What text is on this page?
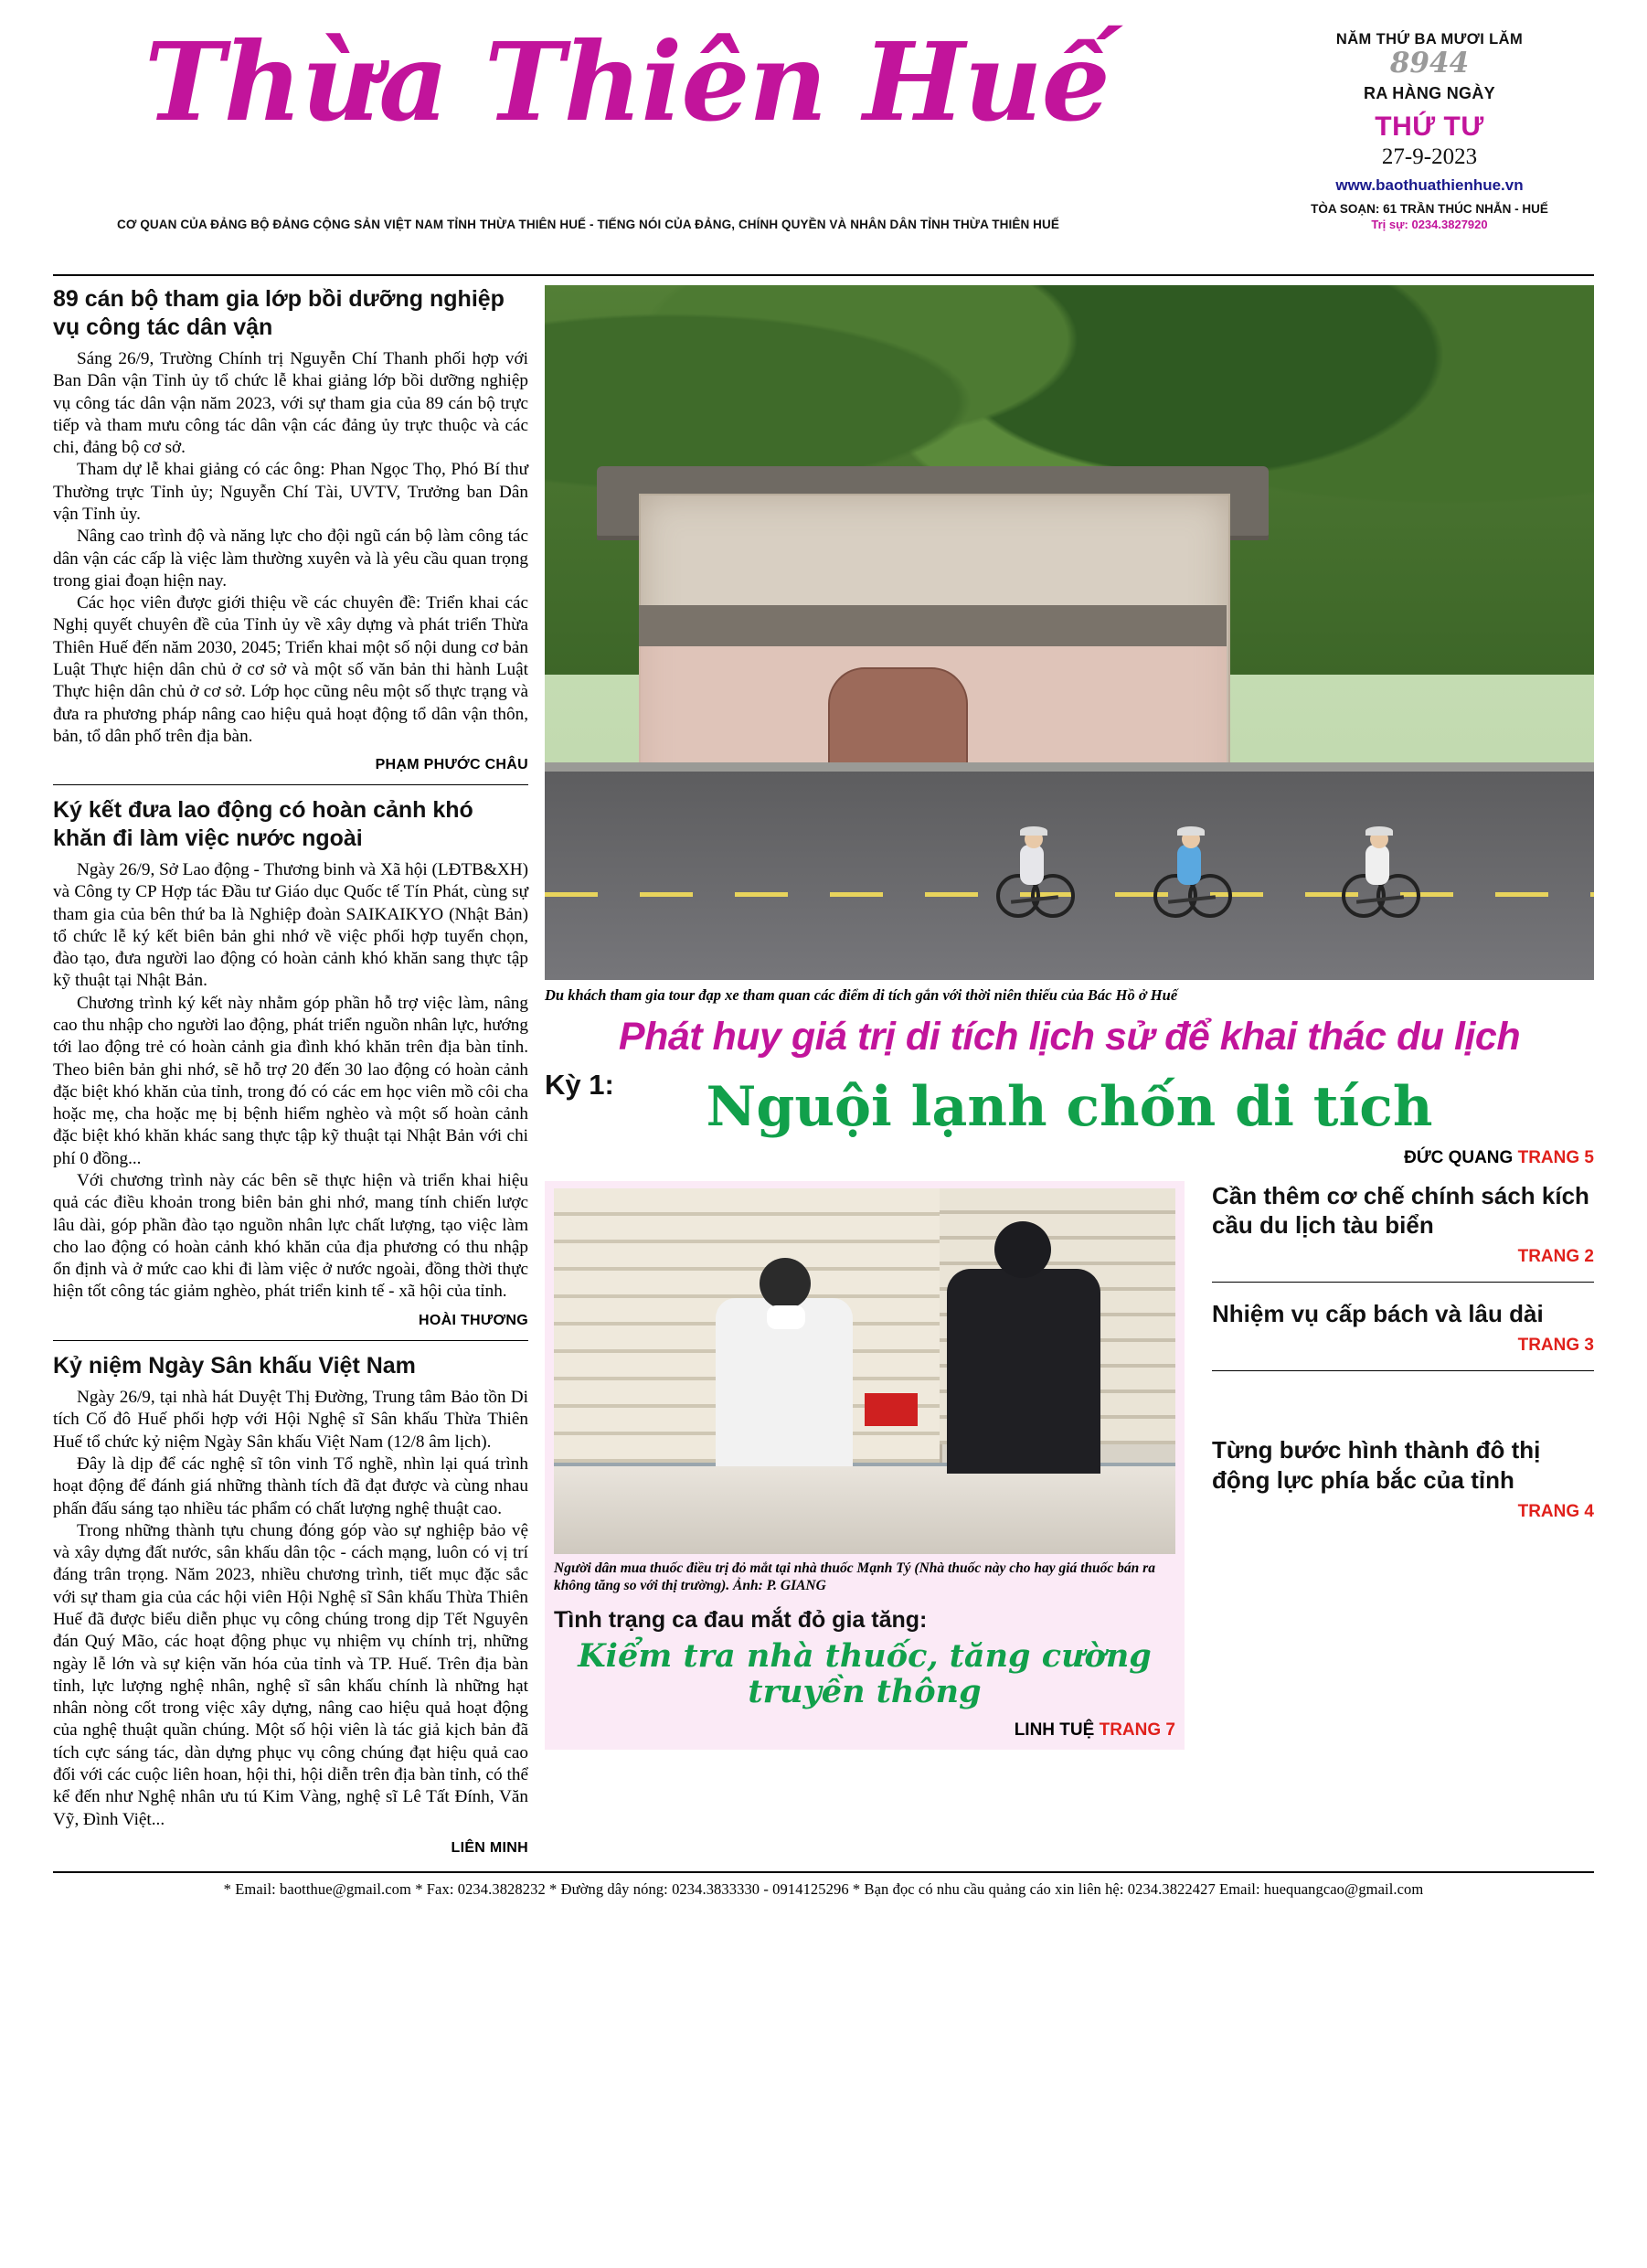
Thừa Thiên Huế
CƠ QUAN CỦA ĐẢNG BỘ ĐẢNG CỘNG SẢN VIỆT NAM TỈNH THỪA THIÊN HUẾ - TIẾNG NÓI CỦA ĐẢNG, CHÍNH QUYỀN VÀ NHÂN DÂN TỈNH THỪA THIÊN HUẾ
NĂM THỨ BA MƯƠI LĂM
8944
RA HÀNG NGÀY
THỨ TƯ
27-9-2023
www.baothuathienhue.vn
TÒA SOẠN: 61 TRẦN THÚC NHẪN - HUẾ
Trị sự: 0234.3827920
89 cán bộ tham gia lớp bồi dưỡng nghiệp vụ công tác dân vận

Sáng 26/9, Trường Chính trị Nguyễn Chí Thanh phối hợp với Ban Dân vận Tỉnh ủy tổ chức lễ khai giảng lớp bồi dưỡng nghiệp vụ công tác dân vận năm 2023, với sự tham gia của 89 cán bộ trực tiếp và tham mưu công tác dân vận các đảng ủy trực thuộc và các chi, đảng bộ cơ sở.

Tham dự lễ khai giảng có các ông: Phan Ngọc Thọ, Phó Bí thư Thường trực Tỉnh ủy; Nguyễn Chí Tài, UVTV, Trưởng ban Dân vận Tỉnh ủy.

Nâng cao trình độ và năng lực cho đội ngũ cán bộ làm công tác dân vận các cấp là việc làm thường xuyên và là yêu cầu quan trọng trong giai đoạn hiện nay.

Các học viên được giới thiệu về các chuyên đề: Triển khai các Nghị quyết chuyên đề của Tỉnh ủy về xây dựng và phát triển Thừa Thiên Huế đến năm 2030, 2045; Triển khai một số nội dung cơ bản Luật Thực hiện dân chủ ở cơ sở và một số văn bản thi hành Luật Thực hiện dân chủ ở cơ sở. Lớp học cũng nêu một số thực trạng và đưa ra phương pháp nâng cao hiệu quả hoạt động tổ dân vận thôn, bản, tổ dân phố trên địa bàn.

PHẠM PHƯỚC CHÂU
Ký kết đưa lao động có hoàn cảnh khó khăn đi làm việc nước ngoài

Ngày 26/9, Sở Lao động - Thương binh và Xã hội (LĐTB&XH) và Công ty CP Hợp tác Đầu tư Giáo dục Quốc tế Tín Phát, cùng sự tham gia của bên thứ ba là Nghiệp đoàn SAIKAIKYO (Nhật Bản) tổ chức lễ ký kết biên bản ghi nhớ về việc phối hợp tuyển chọn, đào tạo, đưa người lao động có hoàn cảnh khó khăn sang thực tập kỹ thuật tại Nhật Bản.

Chương trình ký kết này nhằm góp phần hỗ trợ việc làm, nâng cao thu nhập cho người lao động, phát triển nguồn nhân lực, hướng tới lao động trẻ có hoàn cảnh gia đình khó khăn trên địa bàn tỉnh. Theo biên bản ghi nhớ, sẽ hỗ trợ 20 đến 30 lao động có hoàn cảnh đặc biệt khó khăn của tỉnh, trong đó có các em học viên mồ côi cha hoặc mẹ, cha hoặc mẹ bị bệnh hiểm nghèo và một số hoàn cảnh đặc biệt khó khăn khác sang thực tập kỹ thuật tại Nhật Bản với chi phí 0 đồng...

Với chương trình này các bên sẽ thực hiện và triển khai hiệu quả các điều khoản trong biên bản ghi nhớ, mang tính chiến lược lâu dài, góp phần đào tạo nguồn nhân lực chất lượng, tạo việc làm cho lao động có hoàn cảnh khó khăn của địa phương có thu nhập ổn định và ở mức cao khi đi làm việc ở nước ngoài, đồng thời thực hiện tốt công tác giảm nghèo, phát triển kinh tế - xã hội của tỉnh.

HOÀI THƯƠNG
Kỷ niệm Ngày Sân khấu Việt Nam

Ngày 26/9, tại nhà hát Duyệt Thị Đường, Trung tâm Bảo tồn Di tích Cố đô Huế phối hợp với Hội Nghệ sĩ Sân khấu Thừa Thiên Huế tổ chức kỷ niệm Ngày Sân khấu Việt Nam (12/8 âm lịch).

Đây là dịp để các nghệ sĩ tôn vinh Tổ nghề, nhìn lại quá trình hoạt động để đánh giá những thành tích đã đạt được và cùng nhau phấn đấu sáng tạo nhiều tác phẩm có chất lượng nghệ thuật cao.

Trong những thành tựu chung đóng góp vào sự nghiệp bảo vệ và xây dựng đất nước, sân khấu dân tộc - cách mạng, luôn có vị trí đáng trân trọng. Năm 2023, nhiều chương trình, tiết mục đặc sắc với sự tham gia của các hội viên Hội Nghệ sĩ Sân khấu Thừa Thiên Huế đã được biểu diễn phục vụ công chúng trong dịp Tết Nguyên đán Quý Mão, các hoạt động phục vụ nhiệm vụ chính trị, những ngày lễ lớn và sự kiện văn hóa của tỉnh và TP. Huế. Trên địa bàn tỉnh, lực lượng nghệ nhân, nghệ sĩ sân khấu chính là những hạt nhân nòng cốt trong việc xây dựng, nâng cao hiệu quả hoạt động của nghệ thuật quần chúng. Một số hội viên là tác giả kịch bản đã tích cực sáng tác, dàn dựng phục vụ công chúng đạt hiệu quả cao đối với các cuộc liên hoan, hội thi, hội diễn trên địa bàn tỉnh, có thể kể đến như Nghệ nhân ưu tú Kim Vàng, nghệ sĩ Lê Tất Đính, Văn Vỹ, Đình Việt...

LIÊN MINH
Du khách tham gia tour đạp xe tham quan các điểm di tích gắn với thời niên thiếu của Bác Hồ ở Huế
Phát huy giá trị di tích lịch sử để khai thác du lịch
Kỳ 1:	Nguội lạnh chốn di tích
ĐỨC QUANG TRANG 5
Người dân mua thuốc điều trị đỏ mắt tại nhà thuốc Mạnh Tý (Nhà thuốc này cho hay giá thuốc bán ra không tăng so với thị trường). Ảnh: P. GIANG
Tình trạng ca đau mắt đỏ gia tăng:
Kiểm tra nhà thuốc, tăng cường truyền thông
LINH TUỆ TRANG 7
Cần thêm cơ chế chính sách kích cầu du lịch tàu biển
TRANG 2
Nhiệm vụ cấp bách và lâu dài
TRANG 3
Từng bước hình thành đô thị động lực phía bắc của tỉnh
TRANG 4
* Email: baotthue@gmail.com * Fax: 0234.3828232 * Đường dây nóng: 0234.3833330 - 0914125296 * Bạn đọc có nhu cầu quảng cáo xin liên hệ: 0234.3822427 Email: huequangcao@gmail.com
